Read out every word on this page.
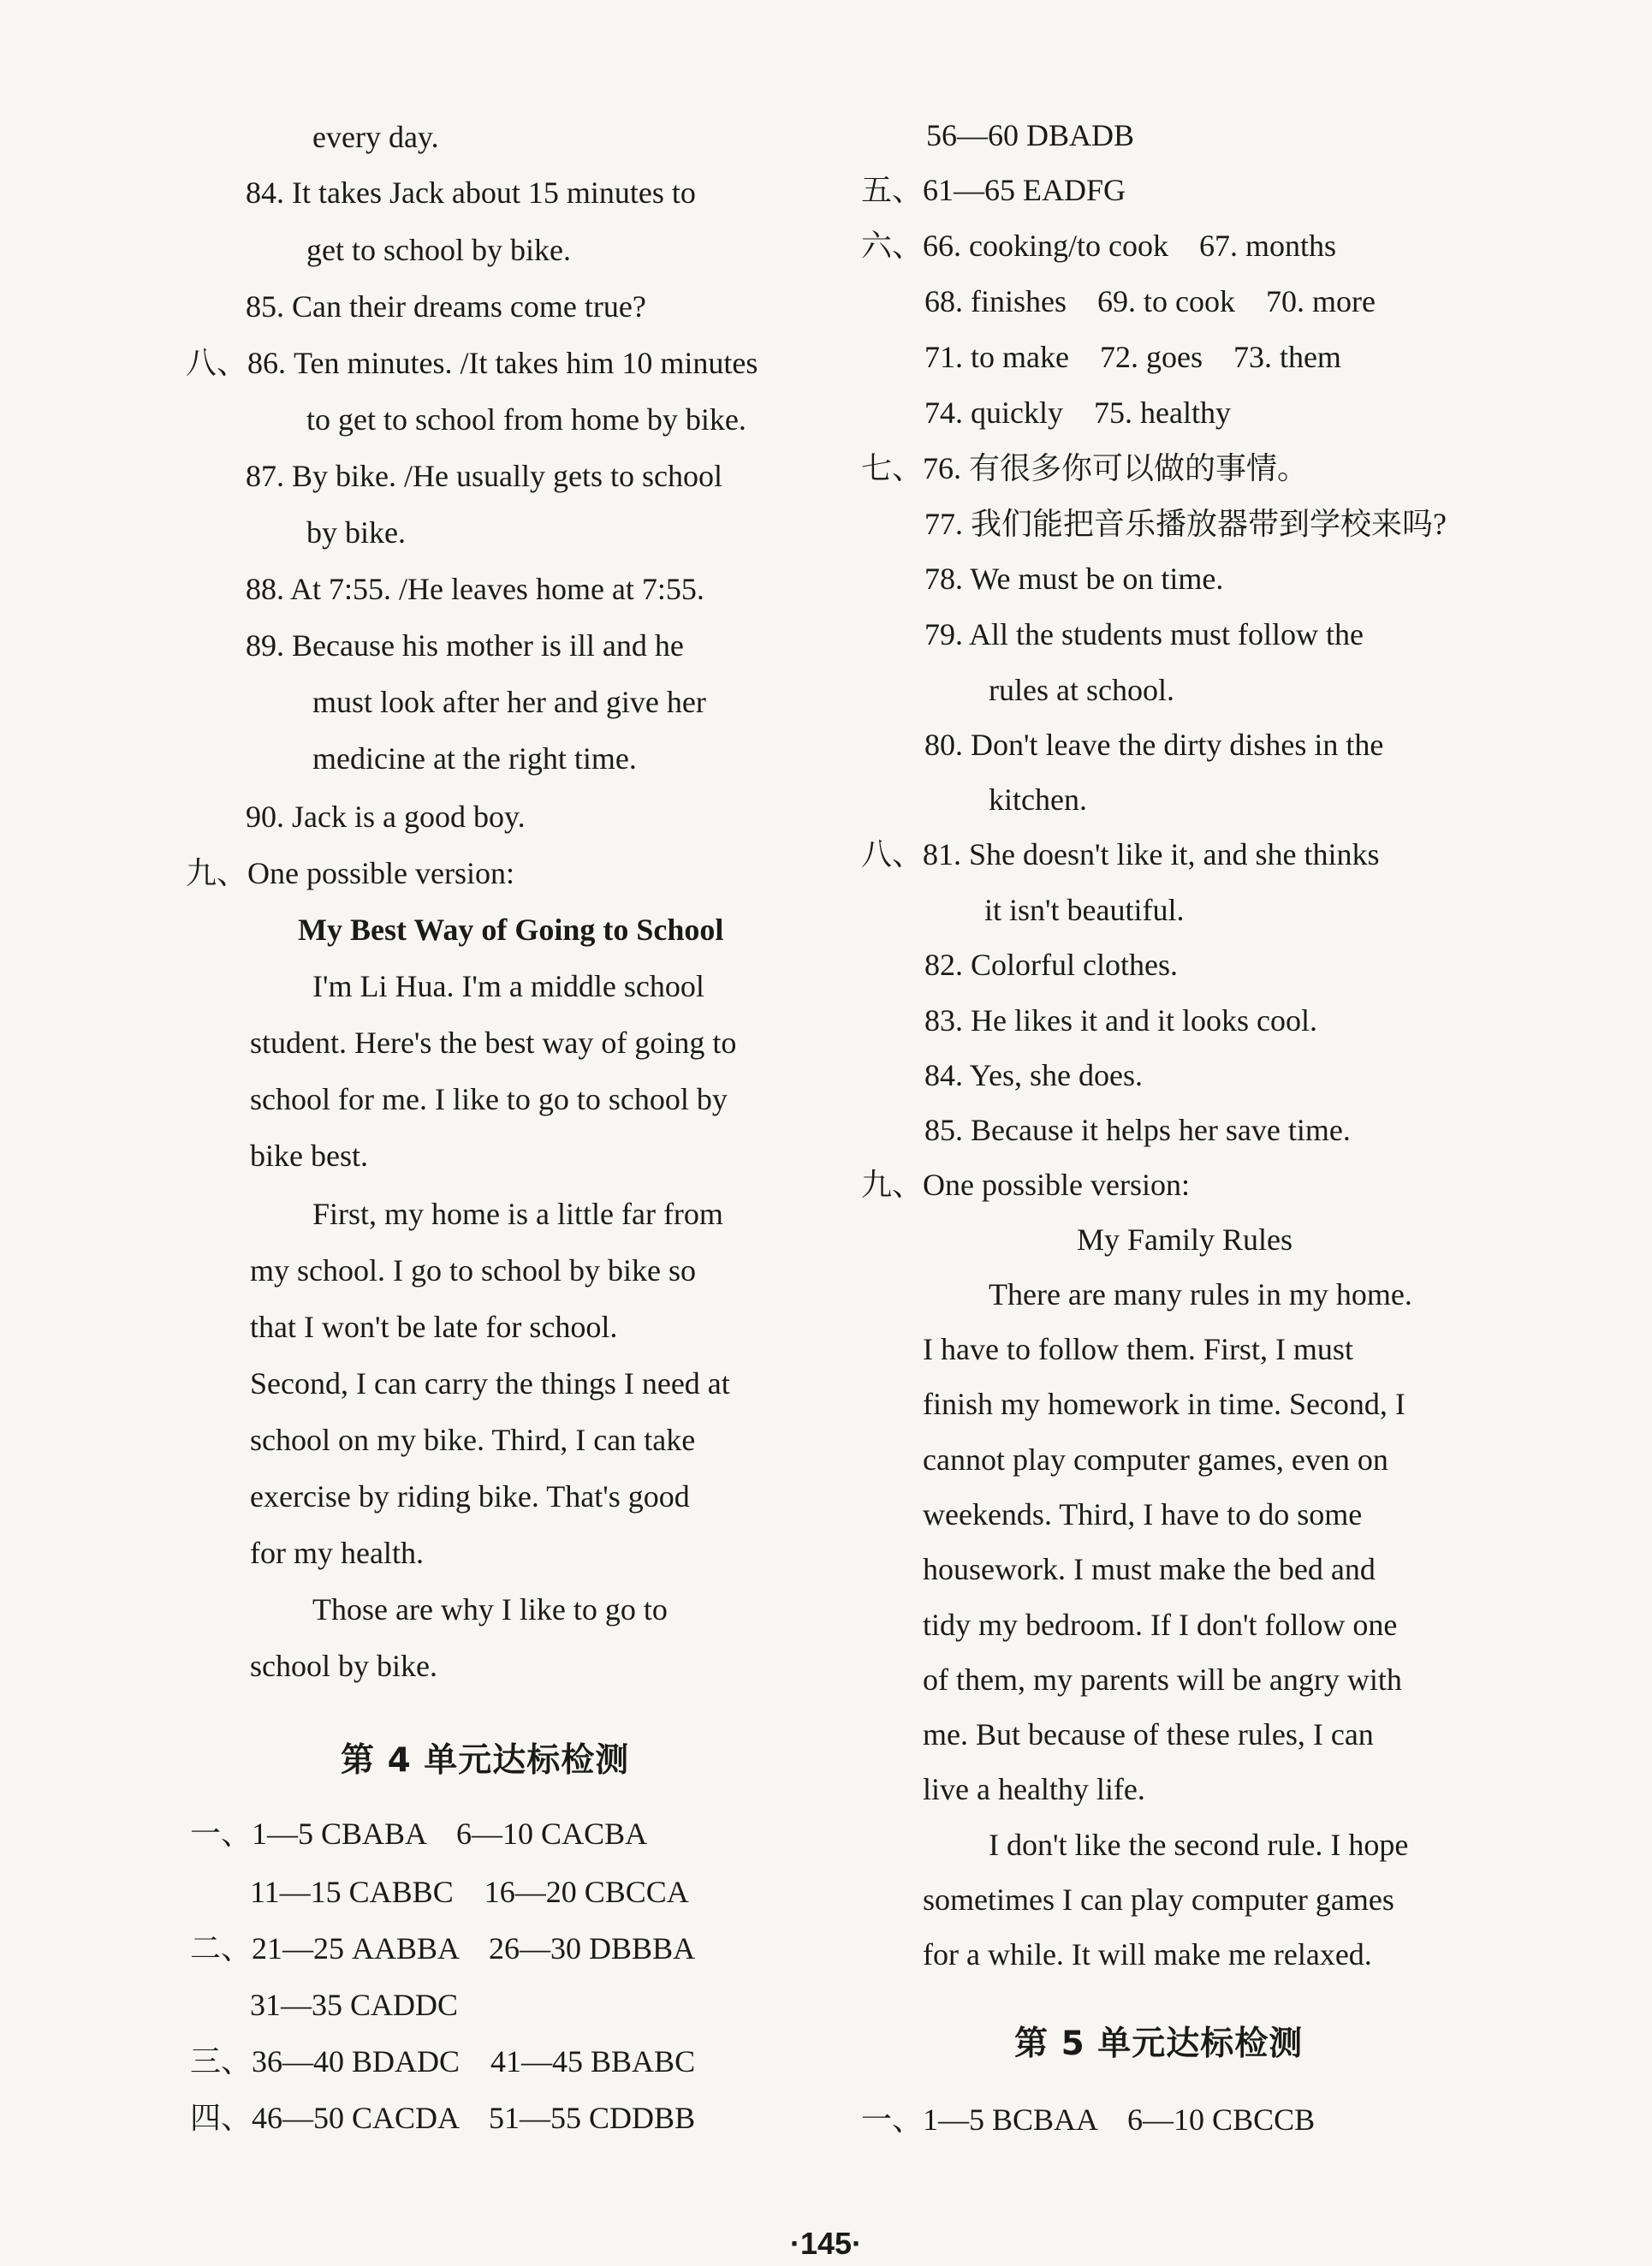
every day.
84. It takes Jack about 15 minutes to
get to school by bike.
85. Can their dreams come true?
八、86. Ten minutes. /It takes him 10 minutes
to get to school from home by bike.
87. By bike. /He usually gets to school
by bike.
88. At 7:55. /He leaves home at 7:55.
89. Because his mother is ill and he
must look after her and give her
medicine at the right time.
90. Jack is a good boy.
九、One possible version:
My Best Way of Going to School
I'm Li Hua. I'm a middle school
student. Here's the best way of going to
school for me. I like to go to school by
bike best.
First, my home is a little far from
my school. I go to school by bike so
that I won't be late for school.
Second, I can carry the things I need at
school on my bike. Third, I can take
exercise by riding bike. That's good
for my health.
Those are why I like to go to
school by bike.
第 4 单元达标检测
一、1—5 CBABA    6—10 CACBA
11—15 CABBC    16—20 CBCCA
二、21—25 AABBA    26—30 DBBBA
31—35 CADDC
三、36—40 BDADC    41—45 BBABC
四、46—50 CACDA    51—55 CDDBB
56—60 DBADB
五、61—65 EADFG
六、66. cooking/to cook    67. months
68. finishes    69. to cook    70. more
71. to make    72. goes    73. them
74. quickly    75. healthy
七、76. 有很多你可以做的事情。
77. 我们能把音乐播放器带到学校来吗?
78. We must be on time.
79. All the students must follow the
rules at school.
80. Don't leave the dirty dishes in the
kitchen.
八、81. She doesn't like it, and she thinks
it isn't beautiful.
82. Colorful clothes.
83. He likes it and it looks cool.
84. Yes, she does.
85. Because it helps her save time.
九、One possible version:
My Family Rules
There are many rules in my home.
I have to follow them. First, I must
finish my homework in time. Second, I
cannot play computer games, even on
weekends. Third, I have to do some
housework. I must make the bed and
tidy my bedroom. If I don't follow one
of them, my parents will be angry with
me. But because of these rules, I can
live a healthy life.
I don't like the second rule. I hope
sometimes I can play computer games
for a while. It will make me relaxed.
第 5 单元达标检测
一、1—5 BCBAA    6—10 CBCCB
·145·
